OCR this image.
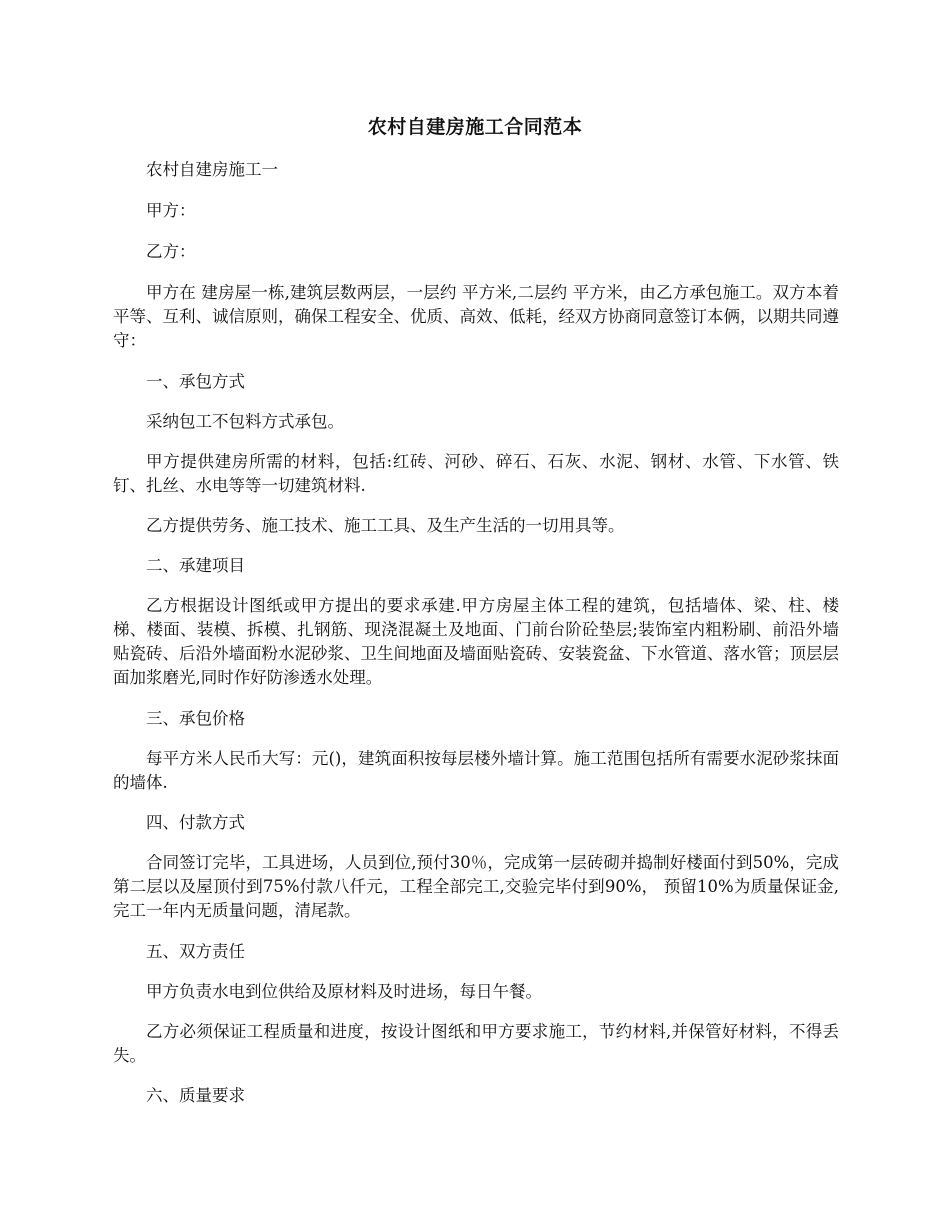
农村自建房施工合同范本

农村自建房施工一

甲方：

乙方：

甲方在 建房屋一栋,建筑层数两层，一层约 平方米,二层约 平方米，由乙方承包施工。双方本着平等、互利、诚信原则，确保工程安全、优质、高效、低耗，经双方协商同意签订本俩，以期共同遵守：

一、承包方式

采纳包工不包料方式承包。

甲方提供建房所需的材料，包括:红砖、河砂、碎石、石灰、水泥、钢材、水管、下水管、铁钉、扎丝、水电等等一切建筑材料.

乙方提供劳务、施工技术、施工工具、及生产生活的一切用具等。

二、承建项目

乙方根据设计图纸或甲方提出的要求承建.甲方房屋主体工程的建筑，包括墙体、梁、柱、楼梯、楼面、装模、拆模、扎钢筋、现浇混凝土及地面、门前台阶砼垫层;装饰室内粗粉刷、前沿外墙贴瓷砖、后沿外墙面粉水泥砂浆、卫生间地面及墙面贴瓷砖、安装瓷盆、下水管道、落水管；顶层层面加浆磨光,同时作好防渗透水处理。

三、承包价格

每平方米人民币大写：元()，建筑面积按每层楼外墙计算。施工范围包括所有需要水泥砂浆抹面的墙体.

四、付款方式

合同签订完毕，工具进场，人员到位,预付30％，完成第一层砖砌并捣制好楼面付到50%，完成第二层以及屋顶付到75%付款八仟元，工程全部完工,交验完毕付到90%， 预留10%为质量保证金,完工一年内无质量问题，清尾款。

五、双方责任

甲方负责水电到位供给及原材料及时进场，每日午餐。

乙方必须保证工程质量和进度，按设计图纸和甲方要求施工，节约材料,并保管好材料，不得丢失。

六、质量要求
